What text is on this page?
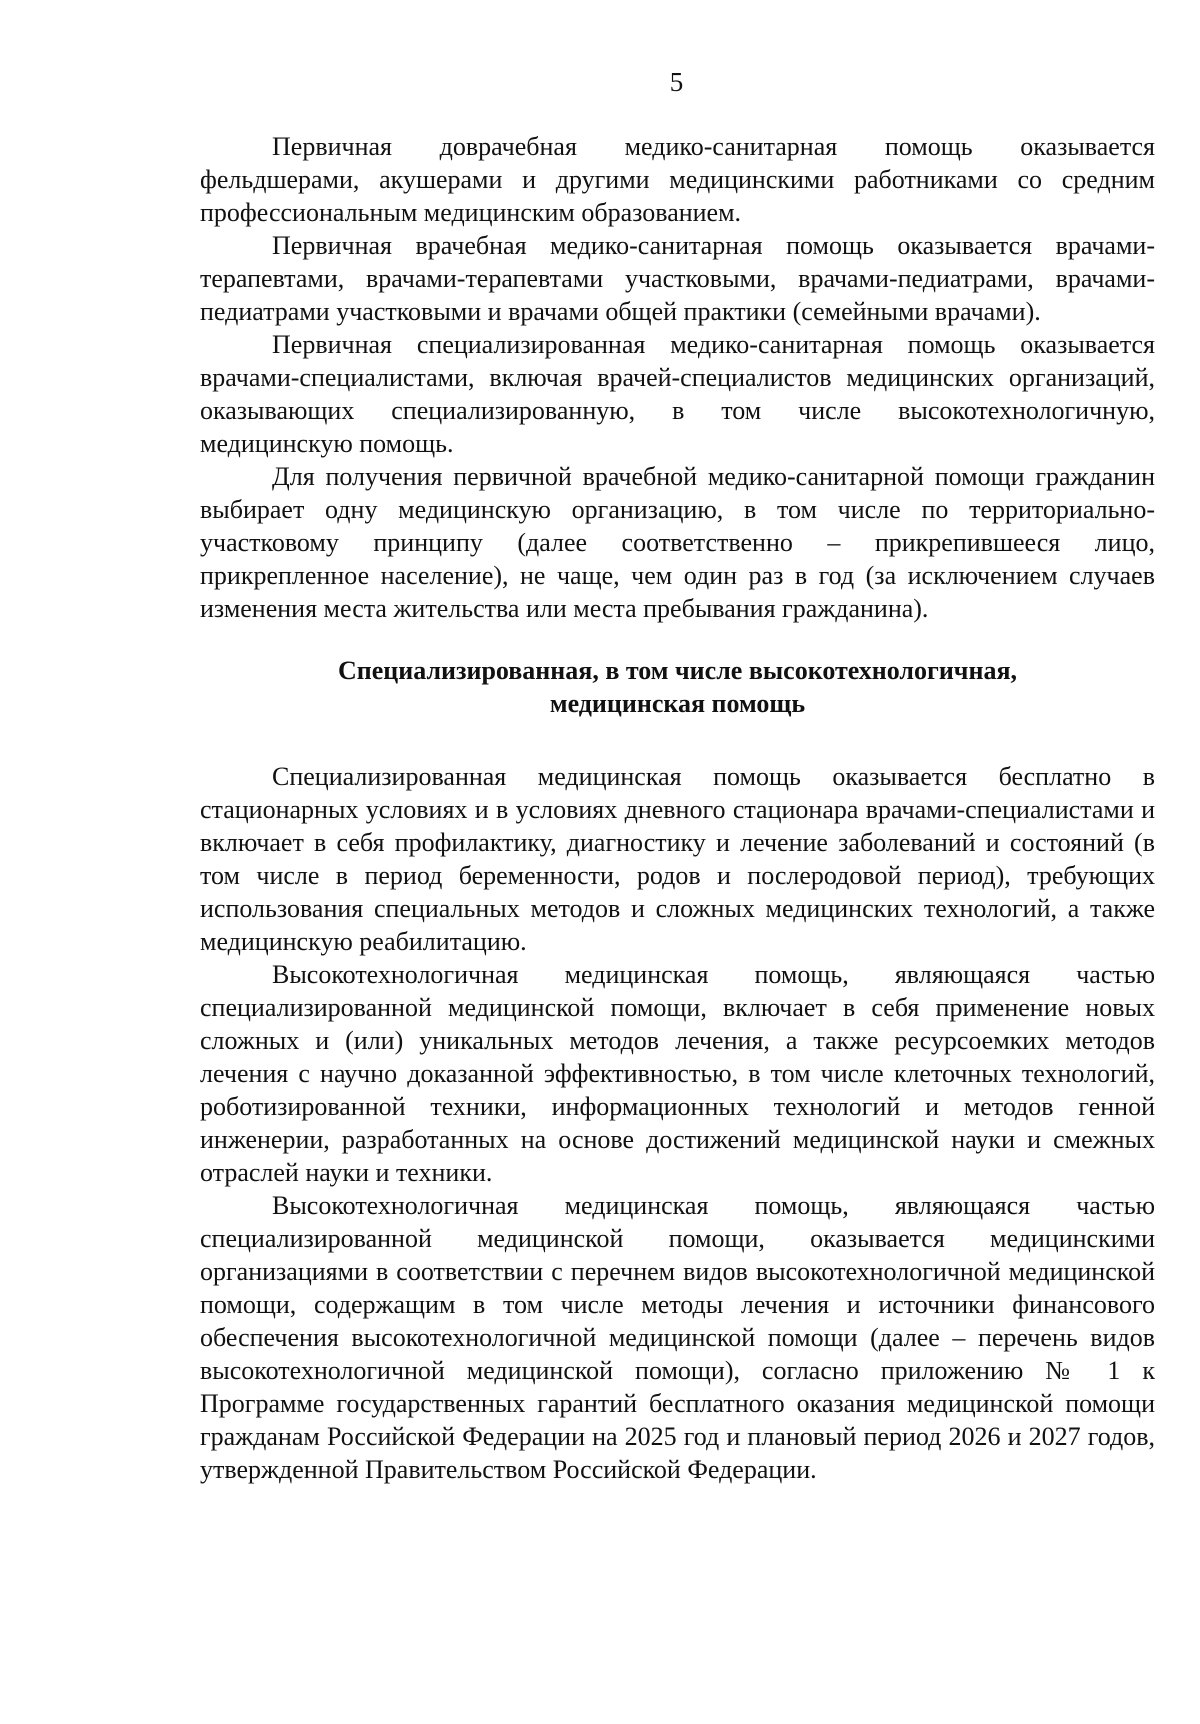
5

Первичная доврачебная медико-санитарная помощь оказывается фельдшерами, акушерами и другими медицинскими работниками со средним профессиональным медицинским образованием.

Первичная врачебная медико-санитарная помощь оказывается врачами-терапевтами, врачами-терапевтами участковыми, врачами-педиатрами, врачами-педиатрами участковыми и врачами общей практики (семейными врачами).

Первичная специализированная медико-санитарная помощь оказывается врачами-специалистами, включая врачей-специалистов медицинских организаций, оказывающих специализированную, в том числе высокотехнологичную, медицинскую помощь.

Для получения первичной врачебной медико-санитарной помощи гражданин выбирает одну медицинскую организацию, в том числе по территориально-участковому принципу (далее соответственно – прикрепившееся лицо, прикрепленное население), не чаще, чем один раз в год (за исключением случаев изменения места жительства или места пребывания гражданина).

Специализированная, в том числе высокотехнологичная,
медицинская помощь

Специализированная медицинская помощь оказывается бесплатно в стационарных условиях и в условиях дневного стационара врачами-специалистами и включает в себя профилактику, диагностику и лечение заболеваний и состояний (в том числе в период беременности, родов и послеродовой период), требующих использования специальных методов и сложных медицинских технологий, а также медицинскую реабилитацию.

Высокотехнологичная медицинская помощь, являющаяся частью специализированной медицинской помощи, включает в себя применение новых сложных и (или) уникальных методов лечения, а также ресурсоемких методов лечения с научно доказанной эффективностью, в том числе клеточных технологий, роботизированной техники, информационных технологий и методов генной инженерии, разработанных на основе достижений медицинской науки и смежных отраслей науки и техники.

Высокотехнологичная медицинская помощь, являющаяся частью специализированной медицинской помощи, оказывается медицинскими организациями в соответствии с перечнем видов высокотехнологичной медицинской помощи, содержащим в том числе методы лечения и источники финансового обеспечения высокотехнологичной медицинской помощи (далее – перечень видов высокотехнологичной медицинской помощи), согласно приложению № 1 к Программе государственных гарантий бесплатного оказания медицинской помощи гражданам Российской Федерации на 2025 год и плановый период 2026 и 2027 годов, утвержденной Правительством Российской Федерации.
